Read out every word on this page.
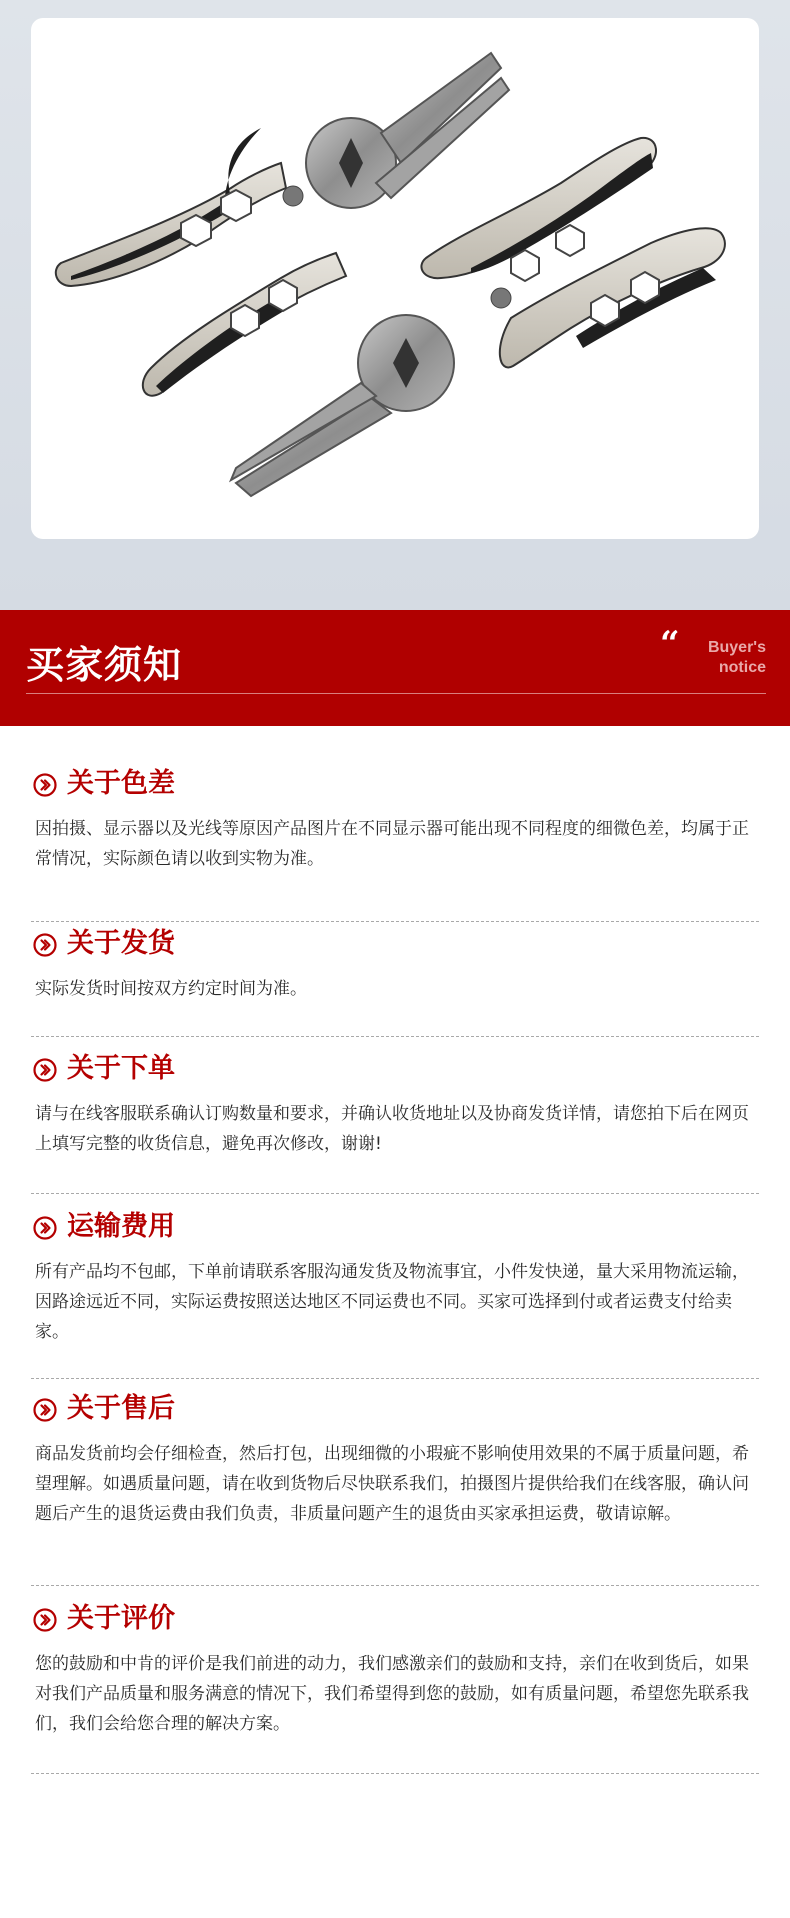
买家须知	“	Buyer's
notice
关于色差
因拍摄、显示器以及光线等原因产品图片在不同显示器可能出现不同程度的细微色差，均属于正常情况，实际颜色请以收到实物为准。
关于发货
实际发货时间按双方约定时间为准。
关于下单
请与在线客服联系确认订购数量和要求，并确认收货地址以及协商发货详情，请您拍下后在网页上填写完整的收货信息，避免再次修改，谢谢!
运输费用
所有产品均不包邮，下单前请联系客服沟通发货及物流事宜，小件发快递，量大采用物流运输，因路途远近不同，实际运费按照送达地区不同运费也不同。买家可选择到付或者运费支付给卖家。
关于售后
商品发货前均会仔细检查，然后打包，出现细微的小瑕疵不影响使用效果的不属于质量问题，希望理解。如遇质量问题，请在收到货物后尽快联系我们，拍摄图片提供给我们在线客服，确认问题后产生的退货运费由我们负责，非质量问题产生的退货由买家承担运费，敬请谅解。
关于评价
您的鼓励和中肯的评价是我们前进的动力，我们感激亲们的鼓励和支持，亲们在收到货后，如果对我们产品质量和服务满意的情况下，我们希望得到您的鼓励，如有质量问题，希望您先联系我们，我们会给您合理的解决方案。
